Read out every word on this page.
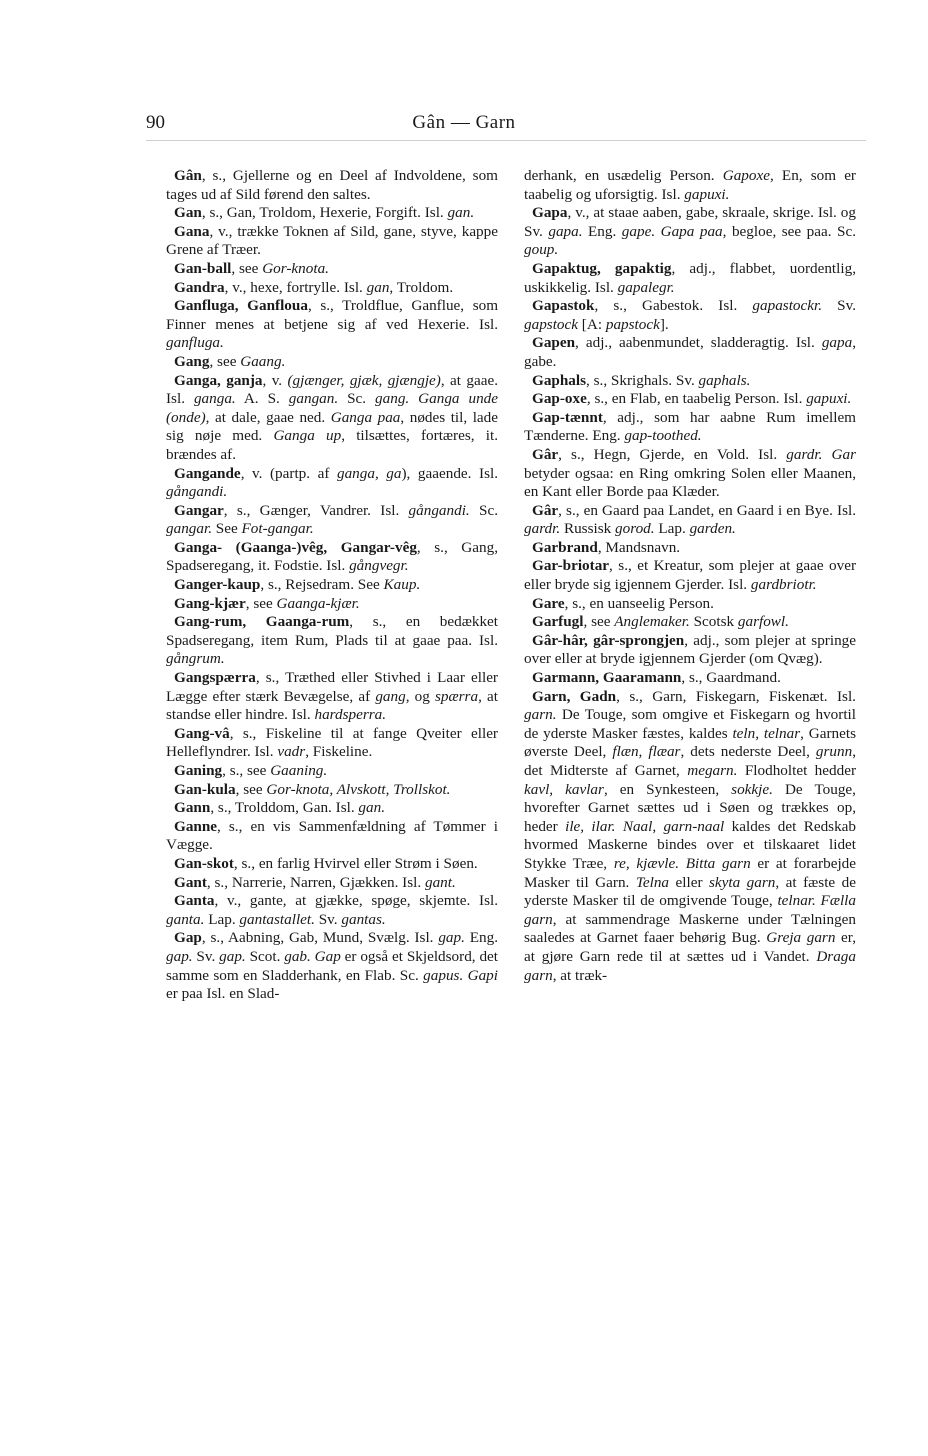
90	Gân — Garn

Gân, s., Gjellerne og en Deel af Indvoldene, som tages ud af Sild førend den saltes.

Gan, s., Gan, Troldom, Hexerie, Forgift. Isl. gan.

Gana, v., trække Toknen af Sild, gane, styve, kappe Grene af Træer.

Gan-ball, see Gor-knota.

Gandra, v., hexe, fortrylle. Isl. gan, Troldom.

Ganfluga, Ganfloua, s., Troldflue, Ganflue, som Finner menes at betjene sig af ved Hexerie. Isl. ganfluga.

Gang, see Gaang.

Ganga, ganja, v. (gjænger, gjæk, gjængje), at gaae. Isl. ganga. A. S. gangan. Sc. gang. Ganga unde (onde), at dale, gaae ned. Ganga paa, nødes til, lade sig nøje med. Ganga up, tilsættes, fortæres, it. brændes af.

Gangande, v. (partp. af ganga, ga), gaaende. Isl. gångandi.

Gangar, s., Gænger, Vandrer. Isl. gångandi. Sc. gangar. See Fot-gangar.

Ganga- (Gaanga-)vêg, Gangar-vêg, s., Gang, Spadseregang, it. Fodstie. Isl. gångvegr.

Ganger-kaup, s., Rejsedram. See Kaup.

Gang-kjær, see Gaanga-kjær.

Gang-rum, Gaanga-rum, s., en bedækket Spadseregang, item Rum, Plads til at gaae paa. Isl. gångrum.

Gangspærra, s., Træthed eller Stivhed i Laar eller Lægge efter stærk Bevægelse, af gang, og spærra, at standse eller hindre. Isl. hardsperra.

Gang-vâ, s., Fiskeline til at fange Qveiter eller Helleflyndrer. Isl. vadr, Fiskeline.

Ganing, s., see Gaaning.

Gan-kula, see Gor-knota, Alvskott, Trollskot.

Gann, s., Trolddom, Gan. Isl. gan.

Ganne, s., en vis Sammenfældning af Tømmer i Vægge.

Gan-skot, s., en farlig Hvirvel eller Strøm i Søen.

Gant, s., Narrerie, Narren, Gjækken. Isl. gant.

Ganta, v., gante, at gjække, spøge, skjemte. Isl. ganta. Lap. gantastallet. Sv. gantas.

Gap, s., Aabning, Gab, Mund, Svælg. Isl. gap. Eng. gap. Sv. gap. Scot. gab. Gap er også et Skjeldsord, det samme som en Sladderhank, en Flab. Sc. gapus. Gapi er paa Isl. en Slad-

derhank, en usædelig Person. Gapoxe, En, som er taabelig og uforsigtig. Isl. gapuxi.

Gapa, v., at staae aaben, gabe, skraale, skrige. Isl. og Sv. gapa. Eng. gape. Gapa paa, begloe, see paa. Sc. goup.

Gapaktug, gapaktig, adj., flabbet, uordentlig, uskikkelig. Isl. gapalegr.

Gapastok, s., Gabestok. Isl. gapastockr. Sv. gapstock [A: papstock].

Gapen, adj., aabenmundet, sladderagtig. Isl. gapa, gabe.

Gaphals, s., Skrighals. Sv. gaphals.

Gap-oxe, s., en Flab, en taabelig Person. Isl. gapuxi.

Gap-tænnt, adj., som har aabne Rum imellem Tænderne. Eng. gap-toothed.

Gâr, s., Hegn, Gjerde, en Vold. Isl. gardr. Gar betyder ogsaa: en Ring omkring Solen eller Maanen, en Kant eller Borde paa Klæder.

Gâr, s., en Gaard paa Landet, en Gaard i en Bye. Isl. gardr. Russisk gorod. Lap. garden.

Garbrand, Mandsnavn.

Gar-briotar, s., et Kreatur, som plejer at gaae over eller bryde sig igjennem Gjerder. Isl. gardbriotr.

Gare, s., en uanseelig Person.

Garfugl, see Anglemaker. Scotsk garfowl.

Gâr-hâr, gâr-sprongjen, adj., som plejer at springe over eller at bryde igjennem Gjerder (om Qvæg).

Garmann, Gaaramann, s., Gaardmand.

Garn, Gadn, s., Garn, Fiskegarn, Fiskenæt. Isl. garn. De Touge, som omgive et Fiskegarn og hvortil de yderste Masker fæstes, kaldes teln, telnar, Garnets øverste Deel, flæn, flæar, dets nederste Deel, grunn, det Midterste af Garnet, megarn. Flodholtet hedder kavl, kavlar, en Synkesteen, sokkje. De Touge, hvorefter Garnet sættes ud i Søen og trækkes op, heder ile, ilar. Naal, garn-naal kaldes det Redskab hvormed Maskerne bindes over et tilskaaret lidet Stykke Træe, re, kjævle. Bitta garn er at forarbejde Masker til Garn. Telna eller skyta garn, at fæste de yderste Masker til de omgivende Touge, telnar. Fælla garn, at sammendrage Maskerne under Tælningen saaledes at Garnet faaer behørig Bug. Greja garn er, at gjøre Garn rede til at sættes ud i Vandet. Draga garn, at træk-
